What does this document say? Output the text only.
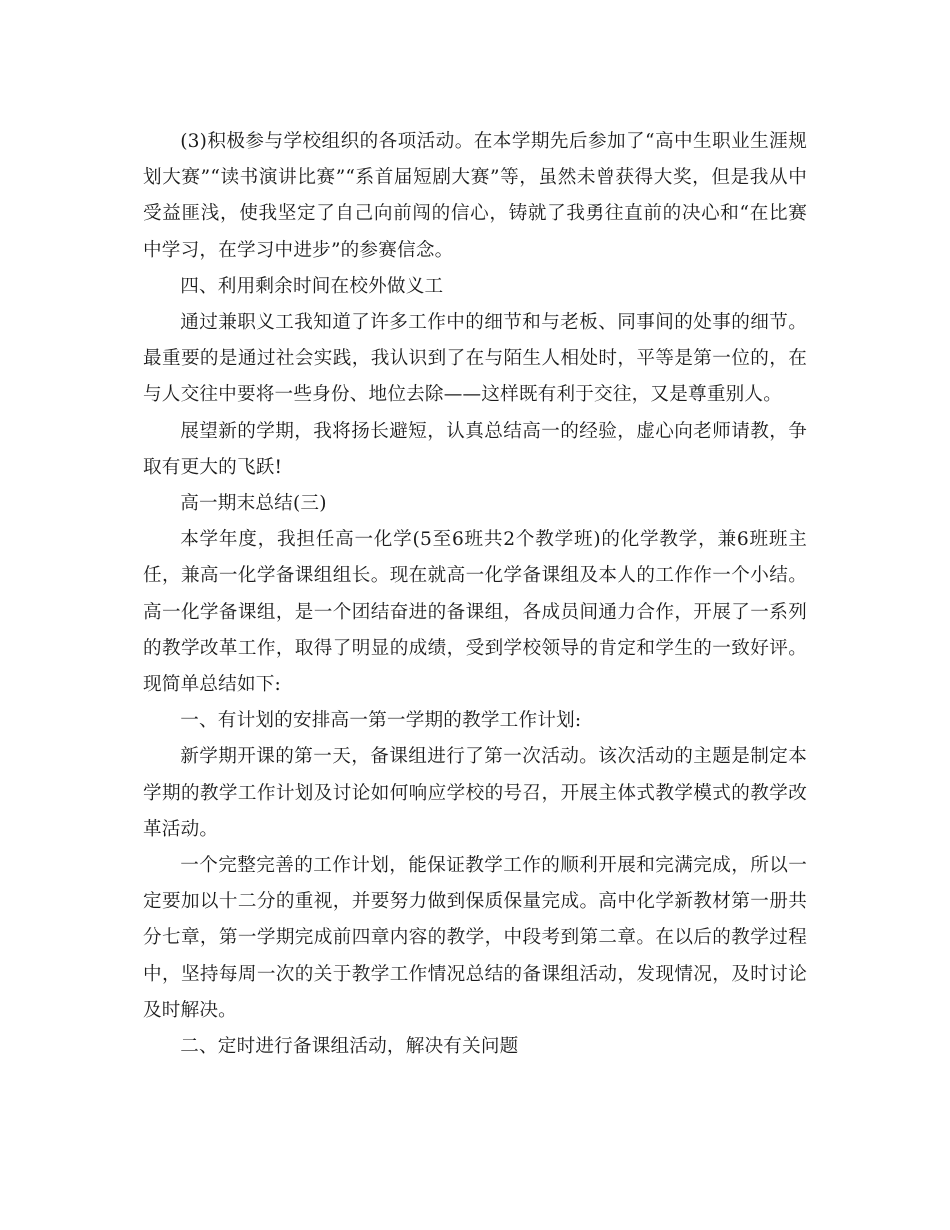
(3)积极参与学校组织的各项活动。在本学期先后参加了“高中生职业生涯规划大赛”“读书演讲比赛”“系首届短剧大赛”等，虽然未曾获得大奖，但是我从中受益匪浅，使我坚定了自己向前闯的信心，铸就了我勇往直前的决心和“在比赛中学习，在学习中进步”的参赛信念。

四、利用剩余时间在校外做义工

通过兼职义工我知道了许多工作中的细节和与老板、同事间的处事的细节。最重要的是通过社会实践，我认识到了在与陌生人相处时，平等是第一位的，在与人交往中要将一些身份、地位去除——这样既有利于交往，又是尊重别人。

展望新的学期，我将扬长避短，认真总结高一的经验，虚心向老师请教，争取有更大的飞跃!

高一期末总结(三)

本学年度，我担任高一化学(5至6班共2个教学班)的化学教学，兼6班班主任，兼高一化学备课组组长。现在就高一化学备课组及本人的工作作一个小结。高一化学备课组，是一个团结奋进的备课组，各成员间通力合作，开展了一系列的教学改革工作，取得了明显的成绩，受到学校领导的肯定和学生的一致好评。现简单总结如下:

一、有计划的安排高一第一学期的教学工作计划:

新学期开课的第一天，备课组进行了第一次活动。该次活动的主题是制定本学期的教学工作计划及讨论如何响应学校的号召，开展主体式教学模式的教学改革活动。

一个完整完善的工作计划，能保证教学工作的顺利开展和完满完成，所以一定要加以十二分的重视，并要努力做到保质保量完成。高中化学新教材第一册共分七章，第一学期完成前四章内容的教学，中段考到第二章。在以后的教学过程中，坚持每周一次的关于教学工作情况总结的备课组活动，发现情况，及时讨论及时解决。

二、定时进行备课组活动，解决有关问题
